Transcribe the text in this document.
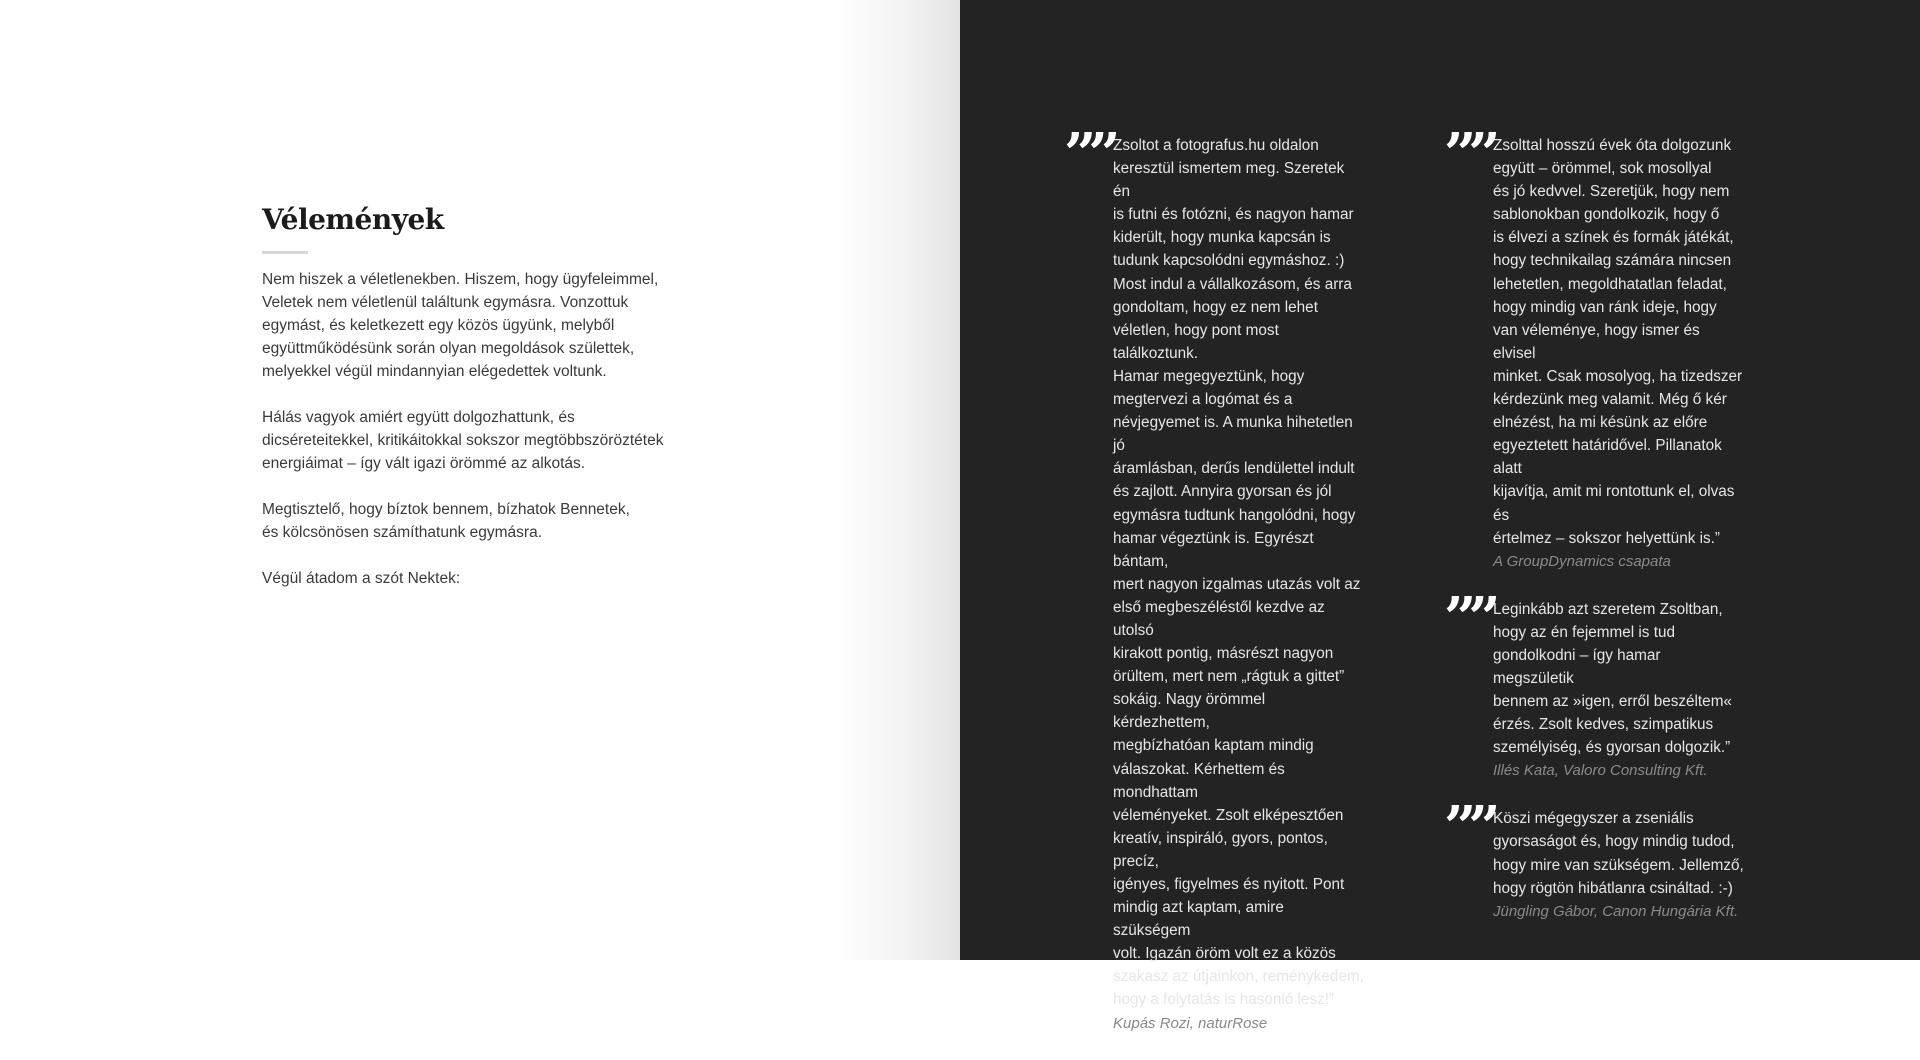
Vélemények

Nem hiszek a véletlenekben. Hiszem, hogy ügyfeleimmel,
Veletek nem véletlenül találtunk egymásra. Vonzottuk
egymást, és keletkezett egy közös ügyünk, melyből
együttműködésünk során olyan megoldások születtek,
melyekkel végül mindannyian elégedettek voltunk.

Hálás vagyok amiért együtt dolgozhattunk, és
dicséreteitekkel, kritikáitokkal sokszor megtöbbszöröztétek
energiáimat – így vált igazi örömmé az alkotás.

Megtisztelő, hogy bíztok bennem, bízhatok Bennetek,
és kölcsönösen számíthatunk egymásra.

Végül átadom a szót Nektek:

”” Zsoltot a fotografus.hu oldalon
keresztül ismertem meg. Szeretek én
is futni és fotózni, és nagyon hamar
kiderült, hogy munka kapcsán is
tudunk kapcsolódni egymáshoz. :)
Most indul a vállalkozásom, és arra
gondoltam, hogy ez nem lehet
véletlen, hogy pont most találkoztunk.
Hamar megegyeztünk, hogy
megtervezi a logómat és a
névjegyemet is. A munka hihetetlen jó
áramlásban, derűs lendülettel indult
és zajlott. Annyira gyorsan és jól
egymásra tudtunk hangolódni, hogy
hamar végeztünk is. Egyrészt bántam,
mert nagyon izgalmas utazás volt az
első megbeszéléstől kezdve az utolsó
kirakott pontig, másrészt nagyon
örültem, mert nem „rágtuk a gittet”
sokáig. Nagy örömmel kérdezhettem,
megbízhatóan kaptam mindig
válaszokat. Kérhettem és mondhattam
véleményeket. Zsolt elképesztően
kreatív, inspiráló, gyors, pontos, precíz,
igényes, figyelmes és nyitott. Pont
mindig azt kaptam, amire szükségem
volt. Igazán öröm volt ez a közös
szakasz az útjainkon, reménykedem,
hogy a folytatás is hasonló lesz!”

Kupás Rozi, naturRose

”” Zsolttal hosszú évek óta dolgozunk
együtt – örömmel, sok mosollyal
és jó kedvvel. Szeretjük, hogy nem
sablonokban gondolkozik, hogy ő
is élvezi a színek és formák játékát,
hogy technikailag számára nincsen
lehetetlen, megoldhatatlan feladat,
hogy mindig van ránk ideje, hogy
van véleménye, hogy ismer és elvisel
minket. Csak mosolyog, ha tizedszer
kérdezünk meg valamit. Még ő kér
elnézést, ha mi késünk az előre
egyeztetett határidővel. Pillanatok alatt
kijavítja, amit mi rontottunk el, olvas és
értelmez – sokszor helyettünk is.”

A GroupDynamics csapata

”” Leginkább azt szeretem Zsoltban,
hogy az én fejemmel is tud
gondolkodni – így hamar megszületik
bennem az »igen, erről beszéltem«
érzés. Zsolt kedves, szimpatikus
személyiség, és gyorsan dolgozik.”

Illés Kata, Valoro Consulting Kft.

”” Köszi mégegyszer a zseniális
gyorsaságot és, hogy mindig tudod,
hogy mire van szükségem. Jellemző,
hogy rögtön hibátlanra csináltad. :-)

Jüngling Gábor, Canon Hungária Kft.
